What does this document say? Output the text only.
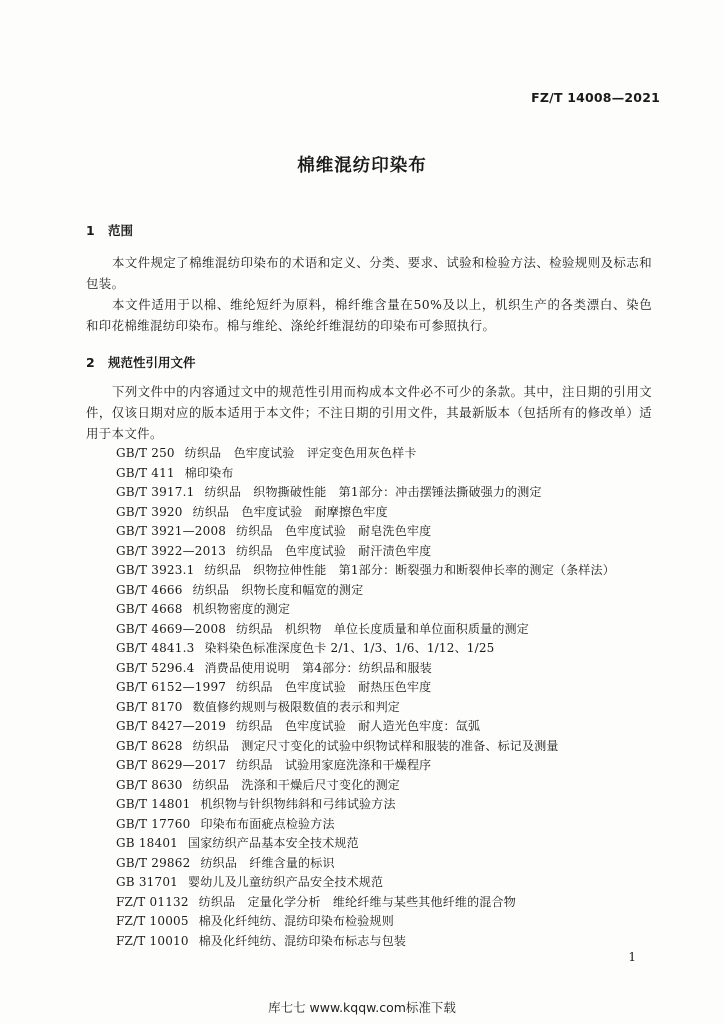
FZ/T 14008—2021
棉维混纺印染布
1 范围
本文件规定了棉维混纺印染布的术语和定义、分类、要求、试验和检验方法、检验规则及标志和包装。
本文件适用于以棉、维纶短纤为原料，棉纤维含量在50%及以上，机织生产的各类漂白、染色和印花棉维混纺印染布。棉与维纶、涤纶纤维混纺的印染布可参照执行。
2 规范性引用文件
下列文件中的内容通过文中的规范性引用而构成本文件必不可少的条款。其中，注日期的引用文件，仅该日期对应的版本适用于本文件；不注日期的引用文件，其最新版本（包括所有的修改单）适用于本文件。
GB/T 250 纺织品　色牢度试验　评定变色用灰色样卡
GB/T 411 棉印染布
GB/T 3917.1 纺织品　织物撕破性能　第1部分：冲击摆锤法撕破强力的测定
GB/T 3920 纺织品　色牢度试验　耐摩擦色牢度
GB/T 3921—2008 纺织品　色牢度试验　耐皂洗色牢度
GB/T 3922—2013 纺织品　色牢度试验　耐汗渍色牢度
GB/T 3923.1 纺织品　织物拉伸性能　第1部分：断裂强力和断裂伸长率的测定（条样法）
GB/T 4666 纺织品　织物长度和幅宽的测定
GB/T 4668 机织物密度的测定
GB/T 4669—2008 纺织品　机织物　单位长度质量和单位面积质量的测定
GB/T 4841.3 染料染色标准深度色卡 2/1、1/3、1/6、1/12、1/25
GB/T 5296.4 消费品使用说明　第4部分：纺织品和服装
GB/T 6152—1997 纺织品　色牢度试验　耐热压色牢度
GB/T 8170 数值修约规则与极限数值的表示和判定
GB/T 8427—2019 纺织品　色牢度试验　耐人造光色牢度：氙弧
GB/T 8628 纺织品　测定尺寸变化的试验中织物试样和服装的准备、标记及测量
GB/T 8629—2017 纺织品　试验用家庭洗涤和干燥程序
GB/T 8630 纺织品　洗涤和干燥后尺寸变化的测定
GB/T 14801 机织物与针织物纬斜和弓纬试验方法
GB/T 17760 印染布布面疵点检验方法
GB 18401 国家纺织产品基本安全技术规范
GB/T 29862 纺织品　纤维含量的标识
GB 31701 婴幼儿及儿童纺织产品安全技术规范
FZ/T 01132 纺织品　定量化学分析　维纶纤维与某些其他纤维的混合物
FZ/T 10005 棉及化纤纯纺、混纺印染布检验规则
FZ/T 10010 棉及化纤纯纺、混纺印染布标志与包装
1
库七七 www.kqqw.com标准下载
